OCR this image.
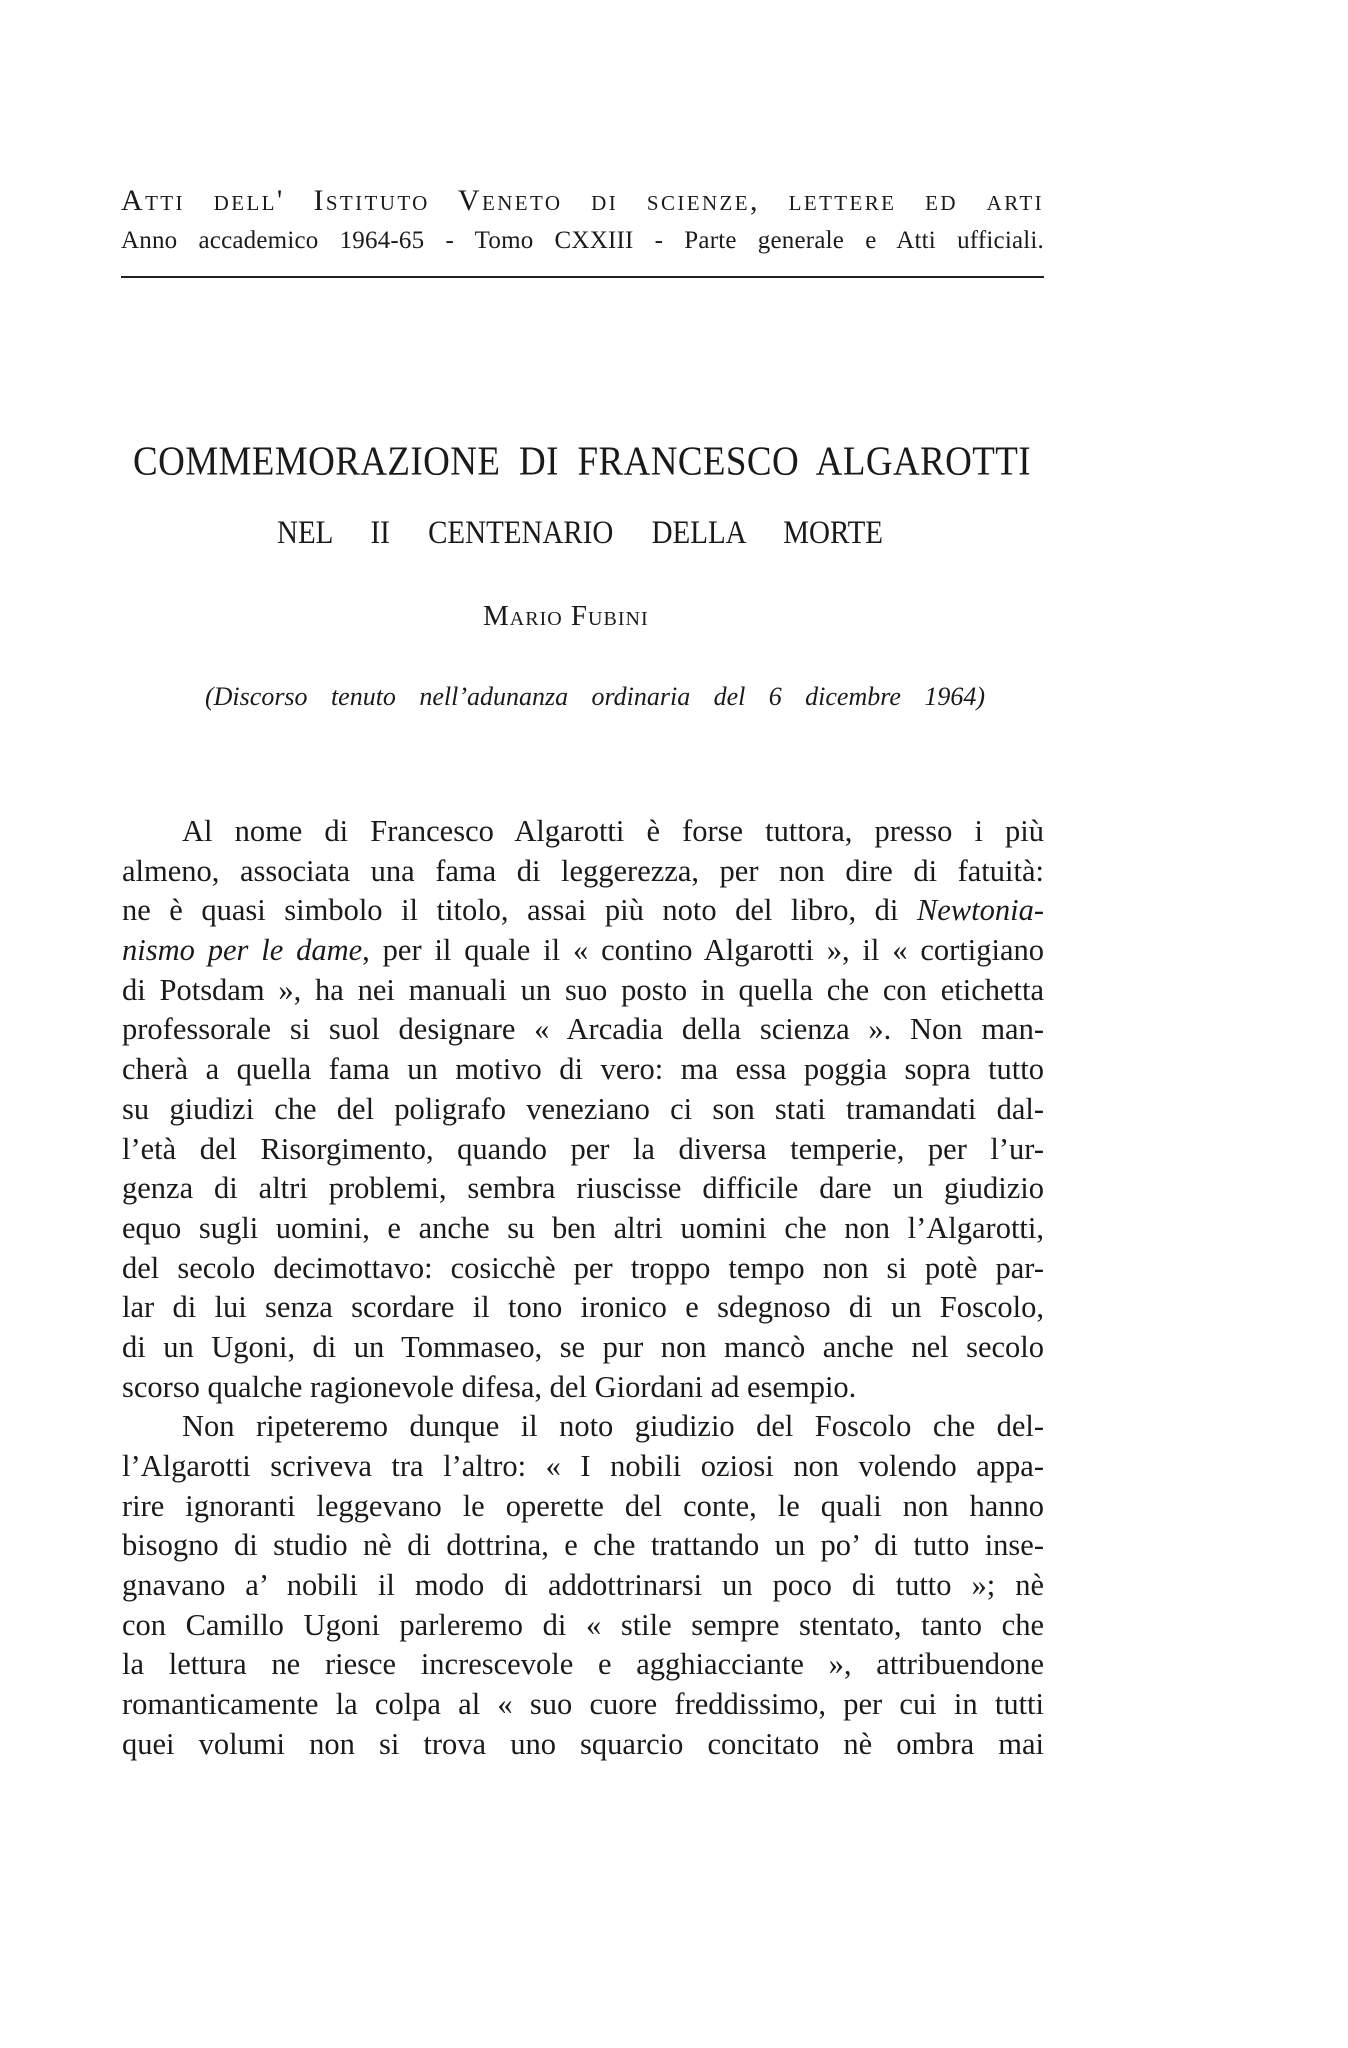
Atti dell' Istituto Veneto di scienze, lettere ed arti
Anno accademico 1964-65 - Tomo CXXIII - Parte generale e Atti ufficiali.
COMMEMORAZIONE DI FRANCESCO ALGAROTTI
NEL II CENTENARIO DELLA MORTE
Mario Fubini
(Discorso tenuto nell’adunanza ordinaria del 6 dicembre 1964)
Al nome di Francesco Algarotti è forse tuttora, presso i più
almeno, associata una fama di leggerezza, per non dire di fatuità:
ne è quasi simbolo il titolo, assai più noto del libro, di Newtonia-
nismo per le dame, per il quale il « contino Algarotti », il « cortigiano
di Potsdam », ha nei manuali un suo posto in quella che con etichetta
professorale si suol designare « Arcadia della scienza ». Non man-
cherà a quella fama un motivo di vero: ma essa poggia sopra tutto
su giudizi che del poligrafo veneziano ci son stati tramandati dal-
l’età del Risorgimento, quando per la diversa temperie, per l’ur-
genza di altri problemi, sembra riuscisse difficile dare un giudizio
equo sugli uomini, e anche su ben altri uomini che non l’Algarotti,
del secolo decimottavo: cosicchè per troppo tempo non si potè par-
lar di lui senza scordare il tono ironico e sdegnoso di un Foscolo,
di un Ugoni, di un Tommaseo, se pur non mancò anche nel secolo
scorso qualche ragionevole difesa, del Giordani ad esempio.
Non ripeteremo dunque il noto giudizio del Foscolo che del-
l’Algarotti scriveva tra l’altro: « I nobili oziosi non volendo appa-
rire ignoranti leggevano le operette del conte, le quali non hanno
bisogno di studio nè di dottrina, e che trattando un po’ di tutto inse-
gnavano a’ nobili il modo di addottrinarsi un poco di tutto »; nè
con Camillo Ugoni parleremo di « stile sempre stentato, tanto che
la lettura ne riesce increscevole e agghiacciante », attribuendone
romanticamente la colpa al « suo cuore freddissimo, per cui in tutti
quei volumi non si trova uno squarcio concitato nè ombra mai
